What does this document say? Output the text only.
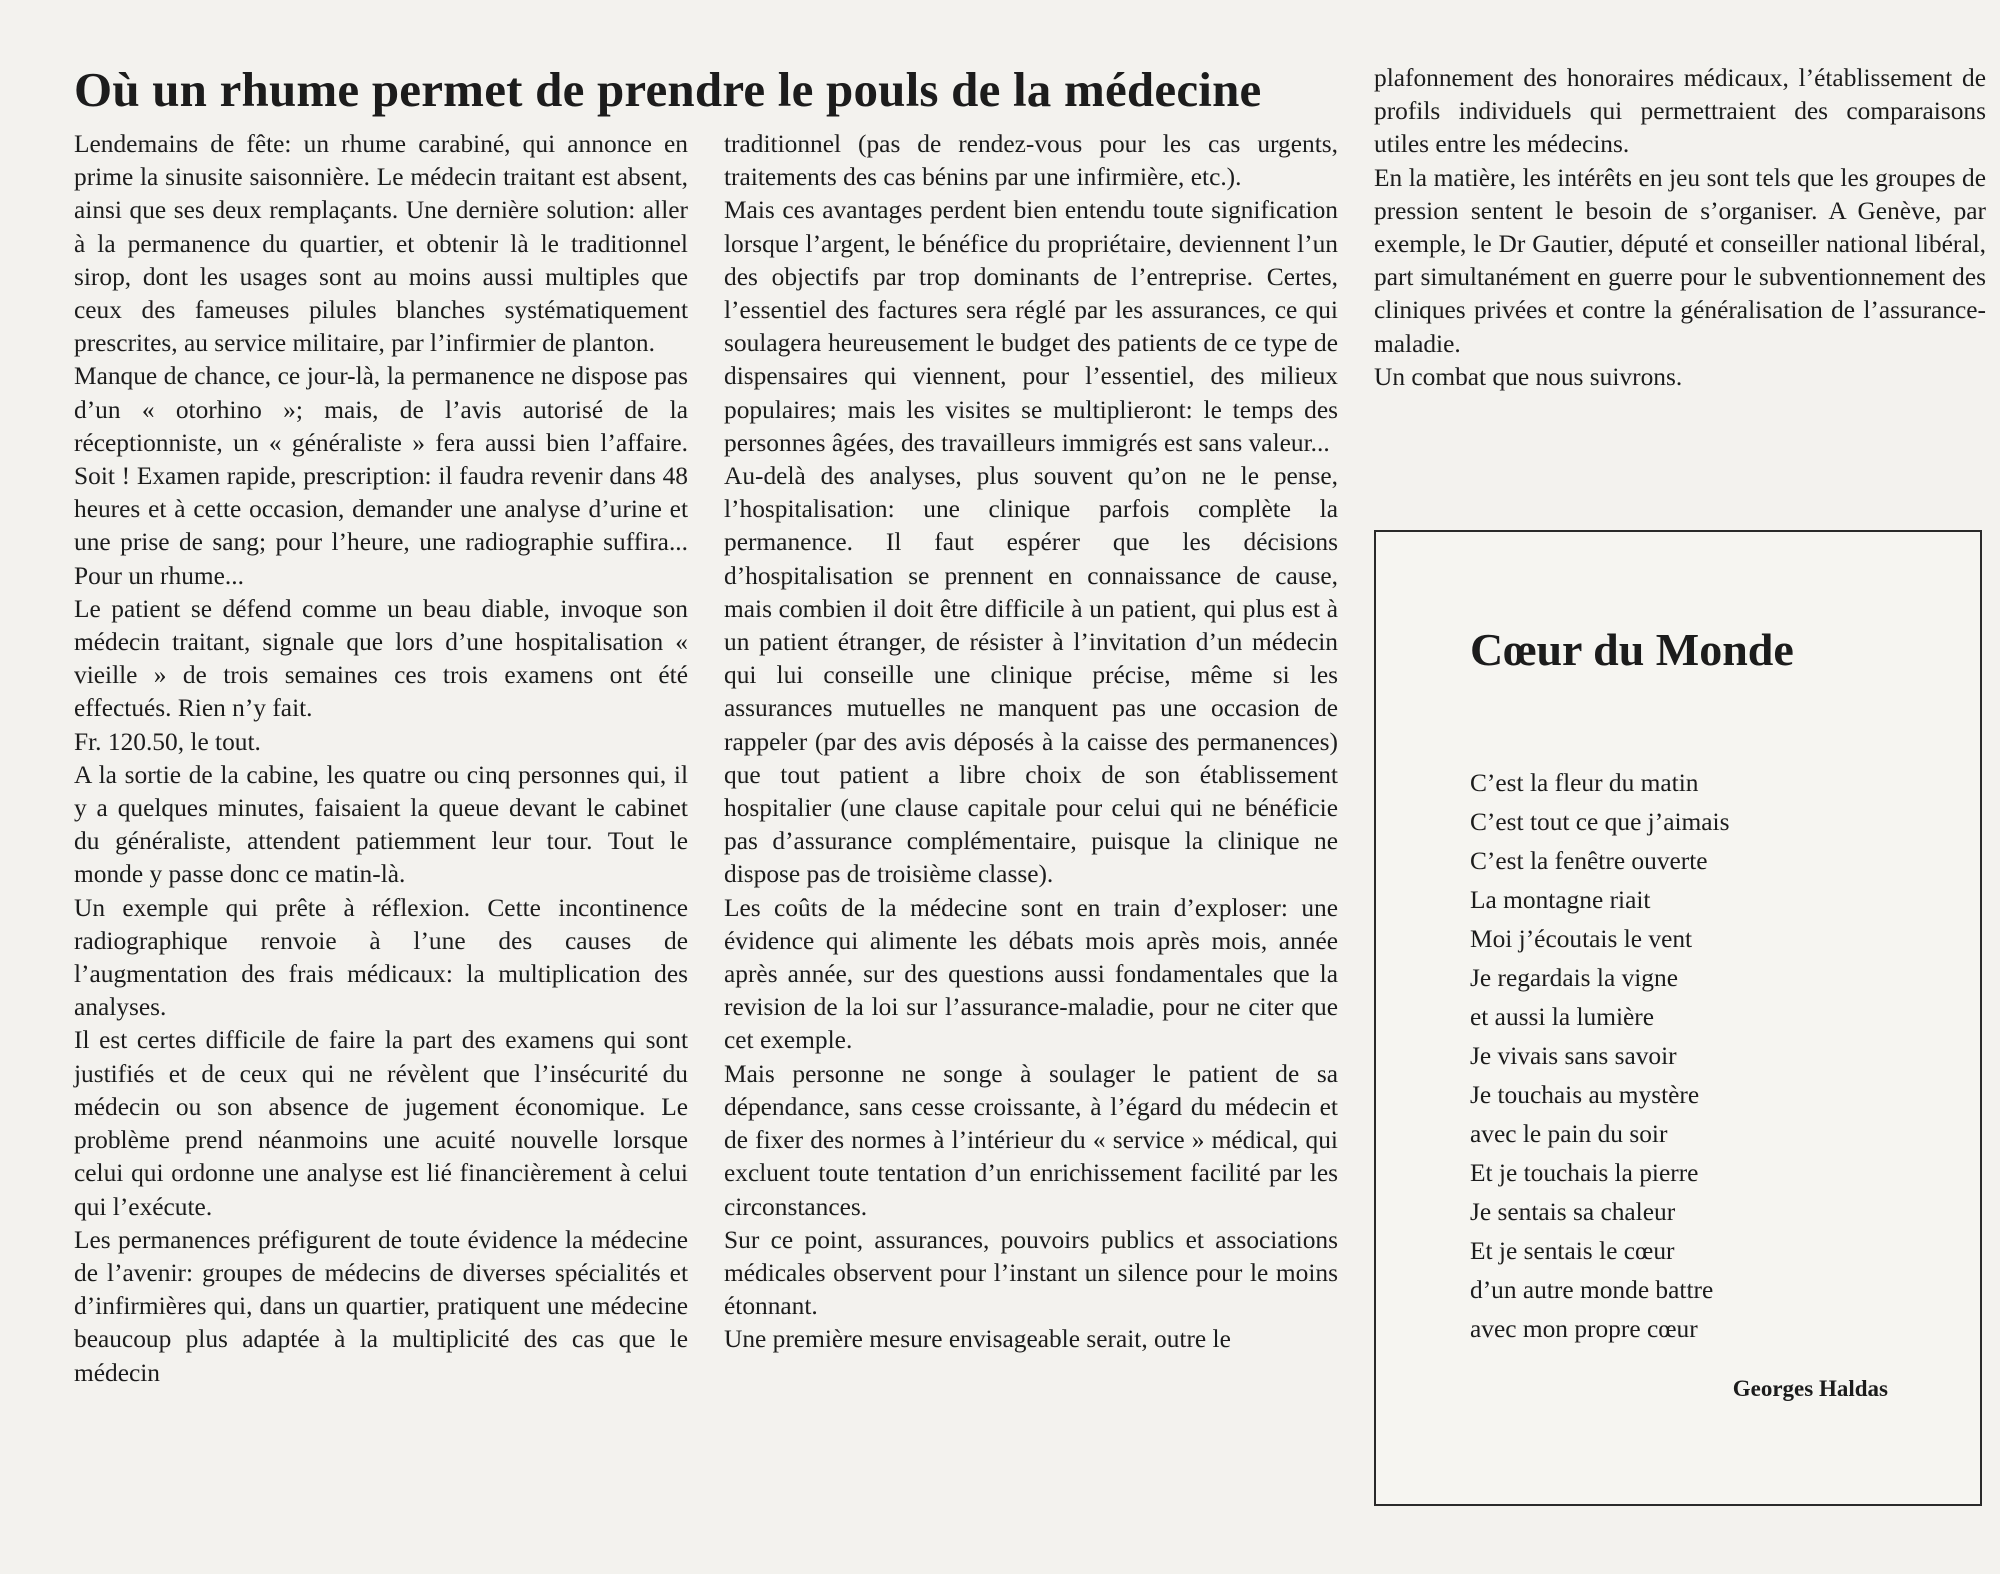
Où un rhume permet de prendre le pouls de la médecine

Lendemains de fête: un rhume carabiné, qui annonce en prime la sinusite saisonnière. Le médecin traitant est absent, ainsi que ses deux remplaçants. Une dernière solution: aller à la permanence du quartier, et obtenir là le traditionnel sirop, dont les usages sont au moins aussi multiples que ceux des fameuses pilules blanches systématiquement prescrites, au service militaire, par l’infirmier de planton.

Manque de chance, ce jour-là, la permanence ne dispose pas d’un « otorhino »; mais, de l’avis autorisé de la réceptionniste, un « généraliste » fera aussi bien l’affaire. Soit ! Examen rapide, prescription: il faudra revenir dans 48 heures et à cette occasion, demander une analyse d’urine et une prise de sang; pour l’heure, une radiographie suffira... Pour un rhume...

Le patient se défend comme un beau diable, invoque son médecin traitant, signale que lors d’une hospitalisation « vieille » de trois semaines ces trois examens ont été effectués. Rien n’y fait.

Fr. 120.50, le tout.

A la sortie de la cabine, les quatre ou cinq personnes qui, il y a quelques minutes, faisaient la queue devant le cabinet du généraliste, attendent patiemment leur tour. Tout le monde y passe donc ce matin-là.

Un exemple qui prête à réflexion. Cette incontinence radiographique renvoie à l’une des causes de l’augmentation des frais médicaux: la multiplication des analyses.

Il est certes difficile de faire la part des examens qui sont justifiés et de ceux qui ne révèlent que l’insécurité du médecin ou son absence de jugement économique. Le problème prend néanmoins une acuité nouvelle lorsque celui qui ordonne une analyse est lié financièrement à celui qui l’exécute.

Les permanences préfigurent de toute évidence la médecine de l’avenir: groupes de médecins de diverses spécialités et d’infirmières qui, dans un quartier, pratiquent une médecine beaucoup plus adaptée à la multiplicité des cas que le médecin

traditionnel (pas de rendez-vous pour les cas urgents, traitements des cas bénins par une infirmière, etc.).

Mais ces avantages perdent bien entendu toute signification lorsque l’argent, le bénéfice du propriétaire, deviennent l’un des objectifs par trop dominants de l’entreprise. Certes, l’essentiel des factures sera réglé par les assurances, ce qui soulagera heureusement le budget des patients de ce type de dispensaires qui viennent, pour l’essentiel, des milieux populaires; mais les visites se multiplieront: le temps des personnes âgées, des travailleurs immigrés est sans valeur...

Au-delà des analyses, plus souvent qu’on ne le pense, l’hospitalisation: une clinique parfois complète la permanence. Il faut espérer que les décisions d’hospitalisation se prennent en connaissance de cause, mais combien il doit être difficile à un patient, qui plus est à un patient étranger, de résister à l’invitation d’un médecin qui lui conseille une clinique précise, même si les assurances mutuelles ne manquent pas une occasion de rappeler (par des avis déposés à la caisse des permanences) que tout patient a libre choix de son établissement hospitalier (une clause capitale pour celui qui ne bénéficie pas d’assurance complémentaire, puisque la clinique ne dispose pas de troisième classe).

Les coûts de la médecine sont en train d’exploser: une évidence qui alimente les débats mois après mois, année après année, sur des questions aussi fondamentales que la revision de la loi sur l’assurance-maladie, pour ne citer que cet exemple.

Mais personne ne songe à soulager le patient de sa dépendance, sans cesse croissante, à l’égard du médecin et de fixer des normes à l’intérieur du « service » médical, qui excluent toute tentation d’un enrichissement facilité par les circonstances.

Sur ce point, assurances, pouvoirs publics et associations médicales observent pour l’instant un silence pour le moins étonnant.

Une première mesure envisageable serait, outre le

plafonnement des honoraires médicaux, l’établissement de profils individuels qui permettraient des comparaisons utiles entre les médecins.

En la matière, les intérêts en jeu sont tels que les groupes de pression sentent le besoin de s’organiser. A Genève, par exemple, le Dr Gautier, député et conseiller national libéral, part simultanément en guerre pour le subventionnement des cliniques privées et contre la généralisation de l’assurance-maladie.

Un combat que nous suivrons.

Cœur du Monde
C’est la fleur du matin
C’est tout ce que j’aimais
C’est la fenêtre ouverte
La montagne riait
Moi j’écoutais le vent
Je regardais la vigne
et aussi la lumière
Je vivais sans savoir
Je touchais au mystère
avec le pain du soir
Et je touchais la pierre
Je sentais sa chaleur
Et je sentais le cœur
d’un autre monde battre
avec mon propre cœur
Georges Haldas
